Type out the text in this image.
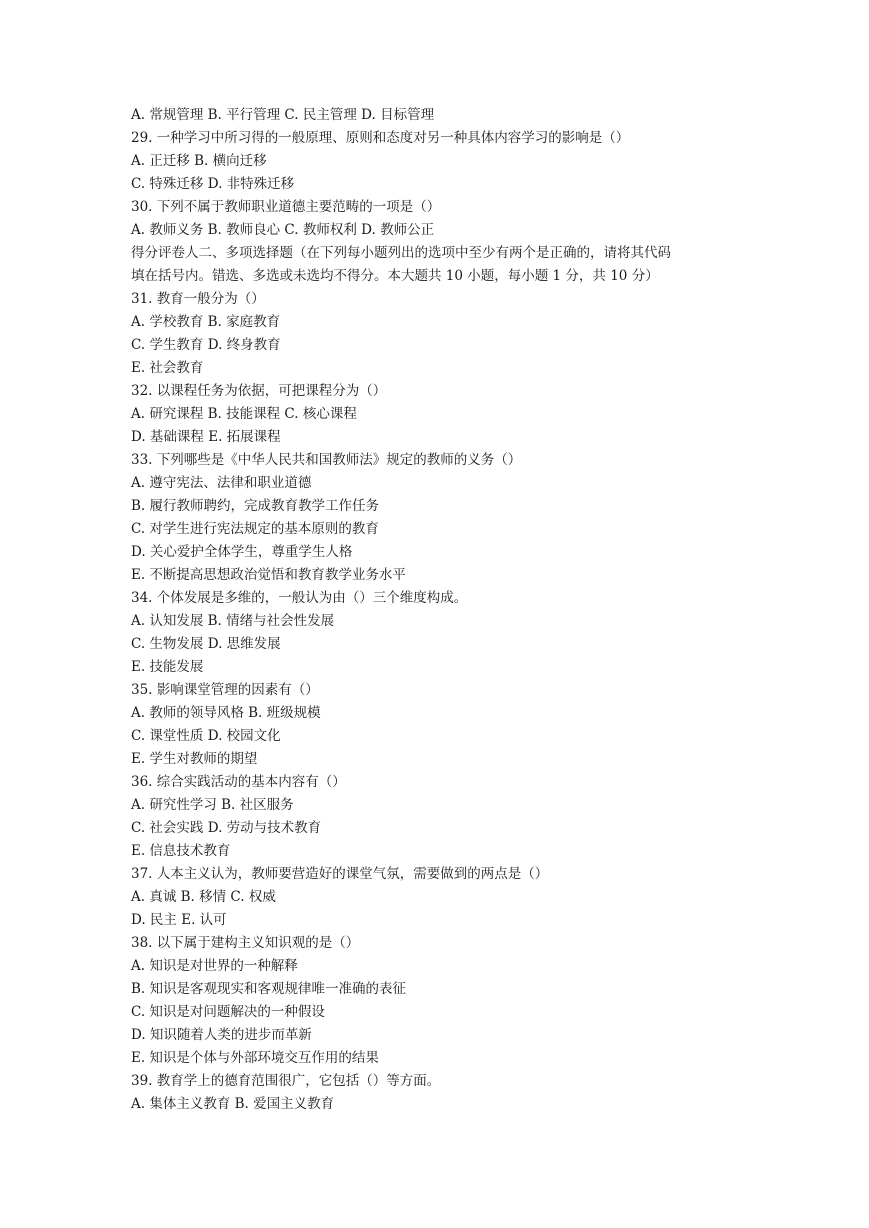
A. 常规管理 B. 平行管理 C. 民主管理 D. 目标管理

29. 一种学习中所习得的一般原理、原则和态度对另一种具体内容学习的影响是（）

A. 正迁移 B. 横向迁移

C. 特殊迁移 D. 非特殊迁移

30. 下列不属于教师职业道德主要范畴的一项是（）

A. 教师义务 B. 教师良心 C. 教师权利 D. 教师公正

得分评卷人二、多项选择题（在下列每小题列出的选项中至少有两个是正确的，请将其代码

填在括号内。错选、多选或未选均不得分。本大题共 10 小题，每小题 1 分，共 10 分）

31. 教育一般分为（）

A. 学校教育 B. 家庭教育

C. 学生教育 D. 终身教育

E. 社会教育

32. 以课程任务为依据，可把课程分为（）

A. 研究课程 B. 技能课程 C. 核心课程

D. 基础课程 E. 拓展课程

33. 下列哪些是《中华人民共和国教师法》规定的教师的义务（）

A. 遵守宪法、法律和职业道德

B. 履行教师聘约，完成教育教学工作任务

C. 对学生进行宪法规定的基本原则的教育

D. 关心爱护全体学生，尊重学生人格

E. 不断提高思想政治觉悟和教育教学业务水平

34. 个体发展是多维的，一般认为由（）三个维度构成。

A. 认知发展 B. 情绪与社会性发展

C. 生物发展 D. 思维发展

E. 技能发展

35. 影响课堂管理的因素有（）

A. 教师的领导风格 B. 班级规模

C. 课堂性质 D. 校园文化

E. 学生对教师的期望

36. 综合实践活动的基本内容有（）

A. 研究性学习 B. 社区服务

C. 社会实践 D. 劳动与技术教育

E. 信息技术教育

37. 人本主义认为，教师要营造好的课堂气氛，需要做到的两点是（）

A. 真诚 B. 移情 C. 权威

D. 民主 E. 认可

38. 以下属于建构主义知识观的是（）

A. 知识是对世界的一种解释

B. 知识是客观现实和客观规律唯一准确的表征

C. 知识是对问题解决的一种假设

D. 知识随着人类的进步而革新

E. 知识是个体与外部环境交互作用的结果

39. 教育学上的德育范围很广，它包括（）等方面。

A. 集体主义教育 B. 爱国主义教育
